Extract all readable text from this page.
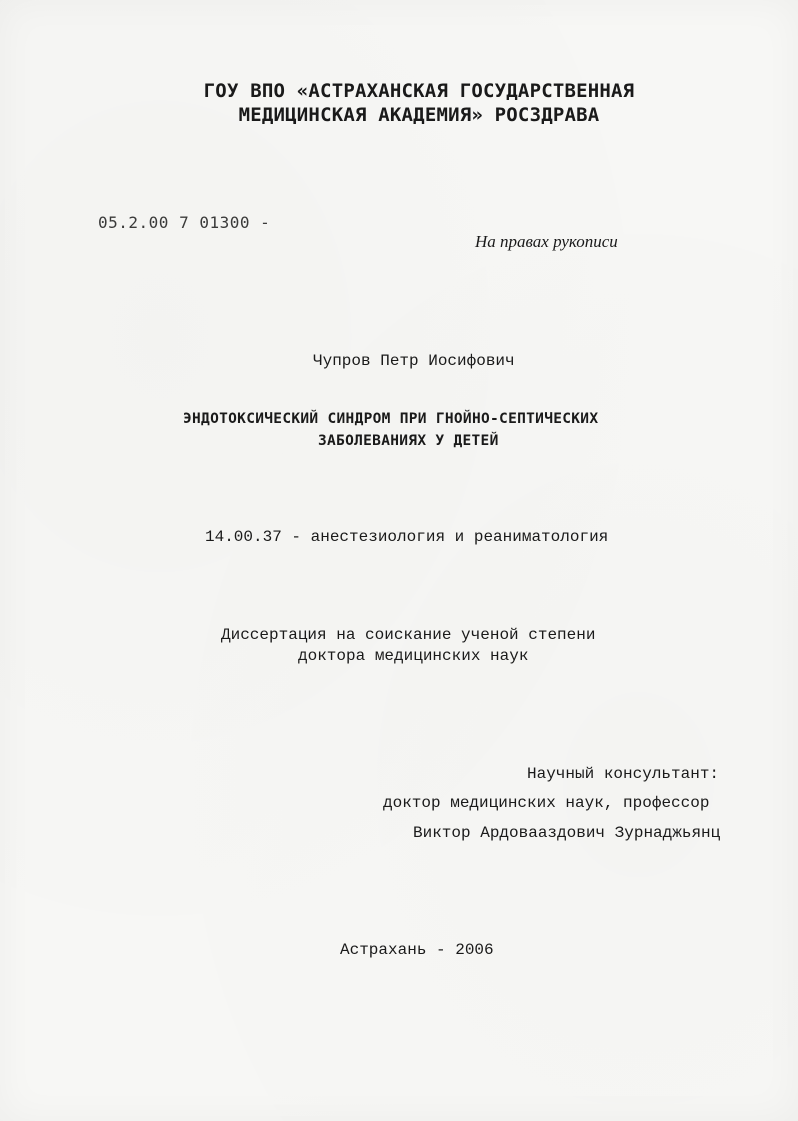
ГОУ ВПО «АСТРАХАНСКАЯ ГОСУДАРСТВЕННАЯ

МЕДИЦИНСКАЯ АКАДЕМИЯ» РОСЗДРАВА

05.2.00 7 01300 -

На правах рукописи

Чупров Петр Иосифович

ЭНДОТОКСИЧЕСКИЙ СИНДРОМ ПРИ ГНОЙНО-СЕПТИЧЕСКИХ

ЗАБОЛЕВАНИЯХ У ДЕТЕЙ

14.00.37 - анестезиология и реаниматология

Диссертация на соискание ученой степени

доктора медицинских наук

Научный консультант:

доктор медицинских наук, профессор

Виктор Ардовааздович Зурнаджьянц

Астрахань - 2006
